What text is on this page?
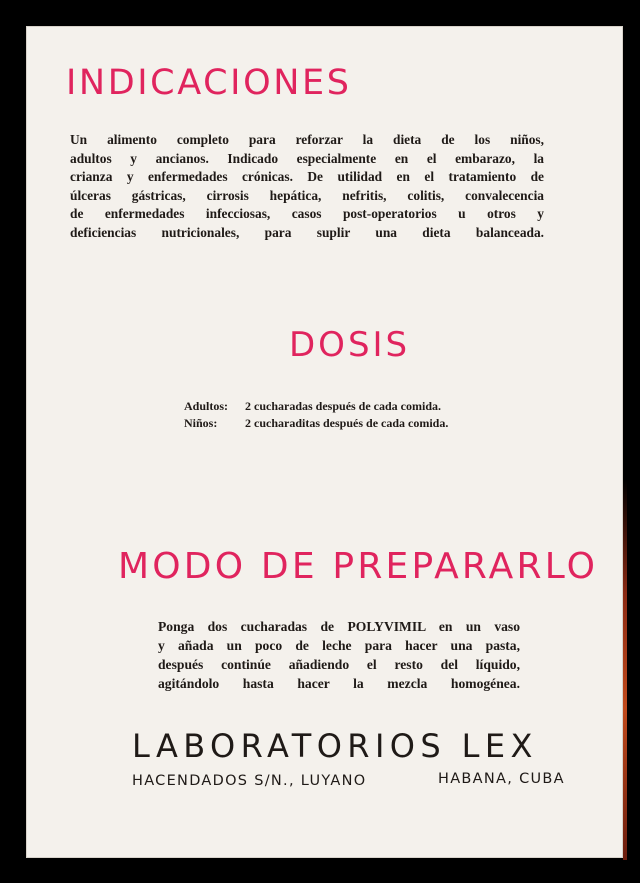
INDICACIONES
Un alimento completo para reforzar la dieta de los niños,
adultos y ancianos. Indicado especialmente en el embarazo, la
crianza y enfermedades crónicas. De utilidad en el tratamiento de
úlceras gástricas, cirrosis hepática, nefritis, colitis, convalecencia
de enfermedades infecciosas, casos post-operatorios u otros y
deficiencias nutricionales, para suplir una dieta balanceada.
DOSIS
Adultos:	2 cucharadas después de cada comida.
Niños:	2 cucharaditas después de cada comida.
MODO DE PREPARARLO
Ponga dos cucharadas de POLYVIMIL en un vaso
y añada un poco de leche para hacer una pasta,
después continúe añadiendo el resto del líquido,
agitándolo hasta hacer la mezcla homogénea.
LABORATORIOS LEX
HACENDADOS S/N., LUYANO	HABANA, CUBA
